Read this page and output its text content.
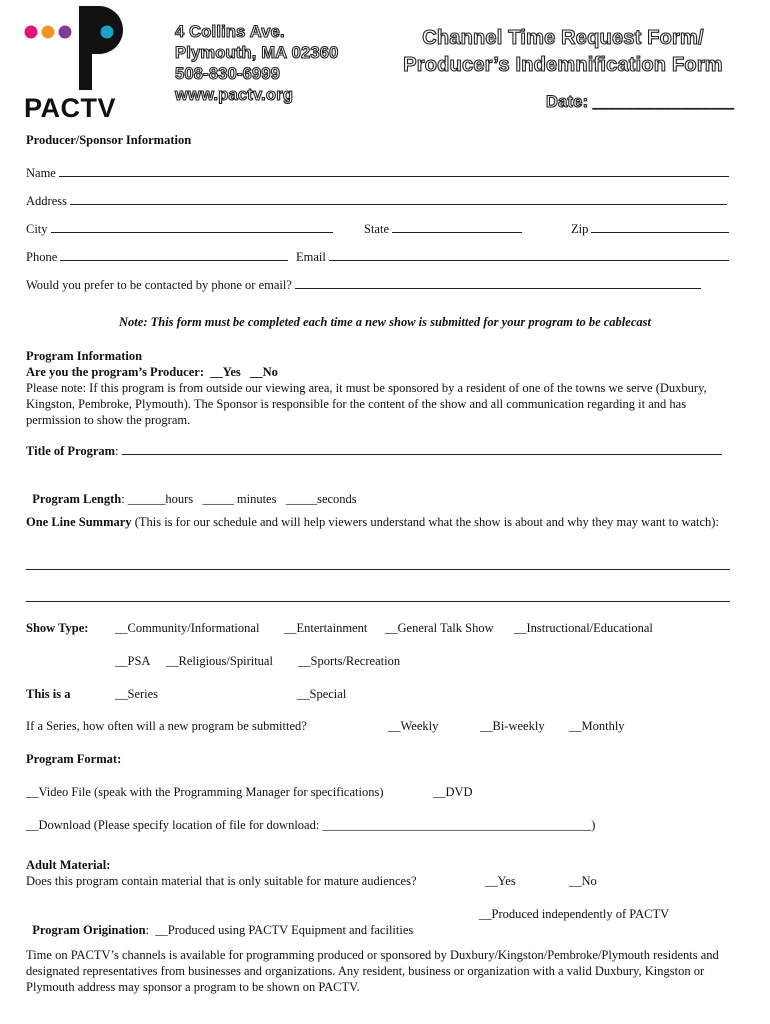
PACTV
4 Collins Ave.
Plymouth, MA 02360
508-830-6999
www.pactv.org
Channel Time Request Form/
Producer’s Indemnification Form
Date: _______________
Producer/Sponsor Information
Name
Address
City	State	Zip
Phone	Email
Would you prefer to be contacted by phone or email?
Note: This form must be completed each time a new show is submitted for your program to be cablecast
Program Information
Are you the program’s Producer:  __Yes   __No
Please note: If this program is from outside our viewing area, it must be sponsored by a resident of one of the towns we serve (Duxbury, Kingston, Pembroke, Plymouth). The Sponsor is responsible for the content of the show and all communication regarding it and has permission to show the program.
Title of Program:

Program Length: ______hours   _____ minutes   _____seconds

One Line Summary (This is for our schedule and will help viewers understand what the show is about and why they may want to watch):
Show Type: __Community/Informational __Entertainment __General Talk Show __Instructional/Educational
__PSA __Religious/Spiritual __Sports/Recreation
This is a	__Series	__Special
If a Series, how often will a new program be submitted?	__Weekly	__Bi-weekly __Monthly
Program Format:
__Video File (speak with the Programming Manager for specifications)	__DVD
__Download (Please specify location of file for download: ___________________________________________)
Adult Material:
Does this program contain material that is only suitable for mature audiences?	__Yes	__No

Program Origination:  __Produced using PACTV Equipment and facilities

__Produced independently of PACTV
Time on PACTV’s channels is available for programming produced or sponsored by Duxbury/Kingston/Pembroke/Plymouth residents and designated representatives from businesses and organizations. Any resident, business or organization with a valid Duxbury, Kingston or Plymouth address may sponsor a program to be shown on PACTV.
